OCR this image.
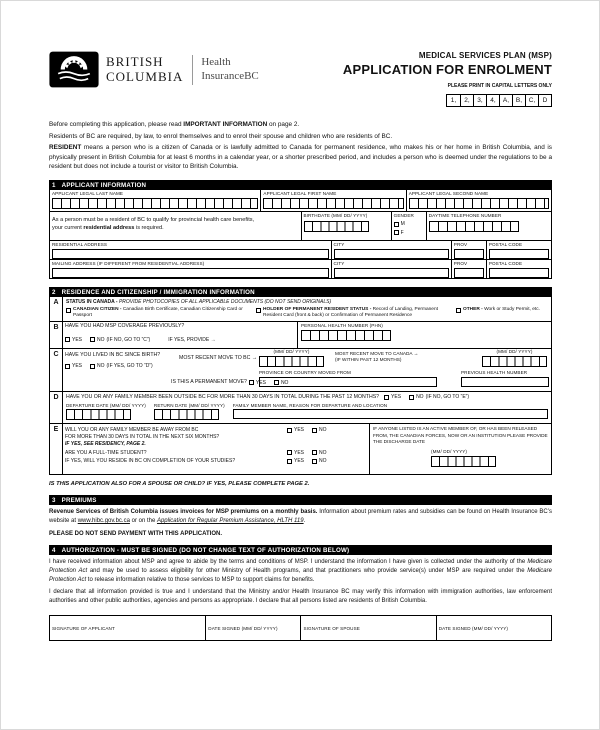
BRITISH
COLUMBIA
Health
InsuranceBC
MEDICAL SERVICES PLAN (MSP)
APPLICATION FOR ENROLMENT
PLEASE PRINT IN CAPITAL LETTERS ONLY
1,	2,	3,	4,	A,	B,	C,	D

Before completing this application, please read IMPORTANT INFORMATION on page 2.

Residents of BC are required, by law, to enrol themselves and to enrol their spouse and children who are residents of BC.

RESIDENT means a person who is a citizen of Canada or is lawfully admitted to Canada for permanent residence, who makes his or her home in British Columbia, and is physically present in British Columbia for at least 6 months in a calendar year, or a shorter prescribed period, and includes a person who is deemed under the regulations to be a resident but does not include a tourist or visitor to British Columbia.

1 APPLICANT INFORMATION
APPLICANT LEGAL LAST NAME	APPLICANT LEGAL FIRST NAME	APPLICANT LEGAL SECOND NAME
As a person must be a resident of BC to qualify for provincial health care benefits,
your current residential address is required.
BIRTHDATE (MM/ DD/ YYYY)	GENDER
M
F
DAYTIME TELEPHONE NUMBER
RESIDENTIAL ADDRESS	CITY	PROV	POSTAL CODE
MAILING ADDRESS (IF DIFFERENT FROM RESIDENTIAL ADDRESS)	CITY	PROV	POSTAL CODE
2 RESIDENCE AND CITIZENSHIP / IMMIGRATION INFORMATION
A	STATUS IN CANADA - PROVIDE PHOTOCOPIES OF ALL APPLICABLE DOCUMENTS (DO NOT SEND ORIGINALS)
CANADIAN CITIZEN - Canadian Birth Certificate, Canadian Citizenship Card or Passport
HOLDER OF PERMANENT RESIDENT STATUS - Record of Landing, Permanent Resident Card (front & back) or Confirmation of Permanent Residence
OTHER - Work or Study Permit, etc.
B	HAVE YOU HAD MSP COVERAGE PREVIOUSLY?
YES	NO (IF NO, GO TO “C”)	IF YES, PROVIDE →
PERSONAL HEALTH NUMBER (PHN)
C	HAVE YOU LIVED IN BC SINCE BIRTH?
YES	NO (IF YES, GO TO “D”)
MOST RECENT MOVE TO BC →
(MM/ DD/ YYYY)	MOST RECENT MOVE TO CANADA →
(IF WITHIN PAST 12 MONTHS)
(MM/ DD/ YYYY)
PROVINCE OR COUNTRY MOVED FROM	PREVIOUS HEALTH NUMBER
IS THIS A PERMANENT MOVE? YES	NO
D	HAVE YOU OR ANY FAMILY MEMBER BEEN OUTSIDE BC FOR MORE THAN 30 DAYS IN TOTAL DURING THE PAST 12 MONTHS? YES	NO (IF NO, GO TO “E”)
DEPARTURE DATE (MM/ DD/ YYYY) RETURN DATE (MM/ DD/ YYYY) FAMILY MEMBER NAME, REASON FOR DEPARTURE AND LOCATION
E	WILL YOU OR ANY FAMILY MEMBER BE AWAY FROM BC
FOR MORE THAN 30 DAYS IN TOTAL IN THE NEXT SIX MONTHS?
IF YES, SEE RESIDENCY, PAGE 2.
YES	NO
ARE YOU A FULL-TIME STUDENT?	YES	NO
IF YES, WILL YOU RESIDE IN BC ON COMPLETION OF YOUR STUDIES?	YES	NO
IF ANYONE LISTED IS AN ACTIVE MEMBER OF, OR HAS BEEN RELEASED FROM, THE CANADIAN FORCES, NOW OR AN INSTITUTION PLEASE PROVIDE THE DISCHARGE DATE
(MM/ DD/ YYYY)
IS THIS APPLICATION ALSO FOR A SPOUSE OR CHILD? IF YES, PLEASE COMPLETE PAGE 2.
3 PREMIUMS
Revenue Services of British Columbia issues invoices for MSP premiums on a monthly basis. Information about premium rates and subsidies can be found on Health Insurance BC’s website at www.hibc.gov.bc.ca or on the Application for Regular Premium Assistance, HLTH 119.
PLEASE DO NOT SEND PAYMENT WITH THIS APPLICATION.
4 AUTHORIZATION - MUST BE SIGNED (DO NOT CHANGE TEXT OF AUTHORIZATION BELOW)

I have received information about MSP and agree to abide by the terms and conditions of MSP. I understand the information I have given is collected under the authority of the Medicare Protection Act and may be used to assess eligibility for other Ministry of Health programs, and that practitioners who provide service(s) under MSP are required under the Medicare Protection Act to release information relative to those services to MSP to support claims for benefits.

I declare that all information provided is true and I understand that the Ministry and/or Health Insurance BC may verify this information with immigration authorities, law enforcement authorities and other public authorities, agencies and persons as appropriate. I declare that all persons listed are residents of British Columbia.

SIGNATURE OF APPLICANT	DATE SIGNED (MM/ DD/ YYYY)	SIGNATURE OF SPOUSE	DATE SIGNED (MM/ DD/ YYYY)
